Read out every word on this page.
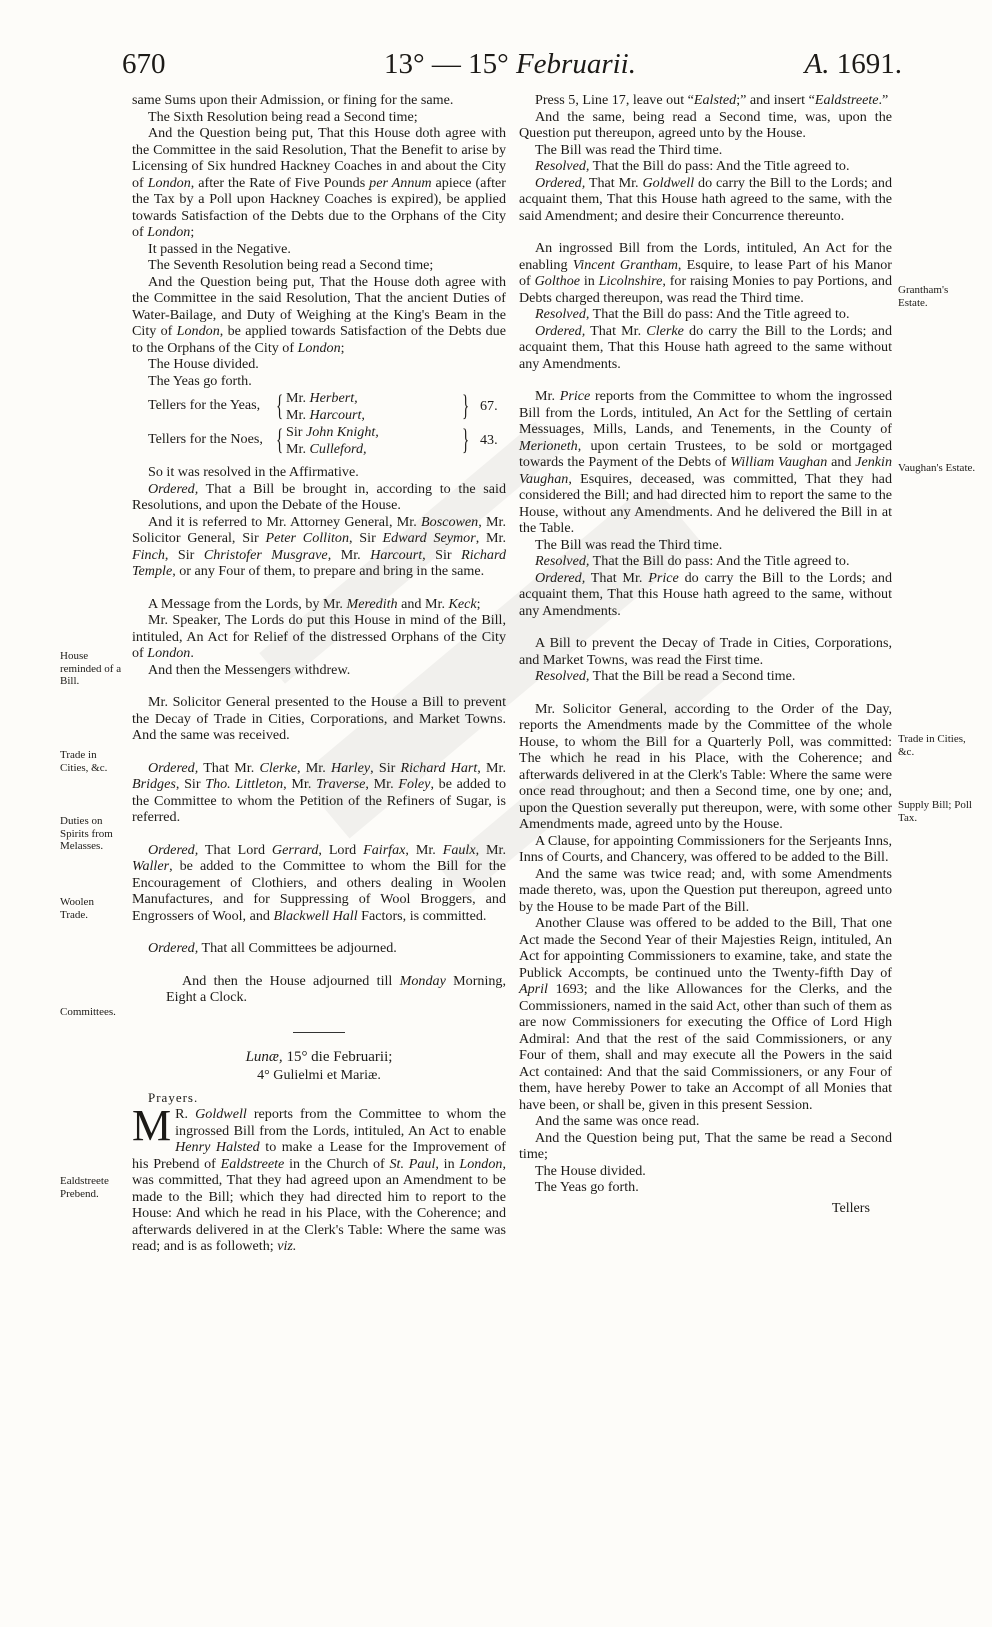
670	13° — 15° Februarii.	A. 1691.

same Sums upon their Admission, or fining for the same.

The Sixth Resolution being read a Second time;

And the Question being put, That this House doth agree with the Committee in the said Resolution, That the Benefit to arise by Licensing of Six hundred Hackney Coaches in and about the City of London, after the Rate of Five Pounds per Annum apiece (after the Tax by a Poll upon Hackney Coaches is expired), be applied towards Satisfaction of the Debts due to the Orphans of the City of London;

It passed in the Negative.

The Seventh Resolution being read a Second time;

And the Question being put, That the House doth agree with the Committee in the said Resolution, That the ancient Duties of Water-Bailage, and Duty of Weighing at the King's Beam in the City of London, be applied towards Satisfaction of the Debts due to the Orphans of the City of London;

The House divided.

The Yeas go forth.

Tellers for the Yeas, { Mr. Herbert,
Mr. Harcourt,	} 67.
Tellers for the Noes, { Sir John Knight,
Mr. Culleford,	} 43.

So it was resolved in the Affirmative.

Ordered, That a Bill be brought in, according to the said Resolutions, and upon the Debate of the House.

And it is referred to Mr. Attorney General, Mr. Boscowen, Mr. Solicitor General, Sir Peter Colliton, Sir Edward Seymor, Mr. Finch, Sir Christofer Musgrave, Mr. Harcourt, Sir Richard Temple, or any Four of them, to prepare and bring in the same.

A Message from the Lords, by Mr. Meredith and Mr. Keck;

Mr. Speaker, The Lords do put this House in mind of the Bill, intituled, An Act for Relief of the distressed Orphans of the City of London.

And then the Messengers withdrew.

Mr. Solicitor General presented to the House a Bill to prevent the Decay of Trade in Cities, Corporations, and Market Towns. And the same was received.

Ordered, That Mr. Clerke, Mr. Harley, Sir Richard Hart, Mr. Bridges, Sir Tho. Littleton, Mr. Traverse, Mr. Foley, be added to the Committee to whom the Petition of the Refiners of Sugar, is referred.

Ordered, That Lord Gerrard, Lord Fairfax, Mr. Faulx, Mr. Waller, be added to the Committee to whom the Bill for the Encouragement of Clothiers, and others dealing in Woolen Manufactures, and for Suppressing of Wool Broggers, and Engrossers of Wool, and Blackwell Hall Factors, is committed.

Ordered, That all Committees be adjourned.

And then the House adjourned till Monday Morning, Eight a Clock.

Lunæ, 15° die Februarii;

4° Gulielmi et Mariæ.

Prayers.

M R. Goldwell reports from the Committee to whom the ingrossed Bill from the Lords, intituled, An Act to enable Henry Halsted to make a Lease for the Improvement of his Prebend of Ealdstreete in the Church of St. Paul, in London, was committed, That they had agreed upon an Amendment to be made to the Bill; which they had directed him to report to the House: And which he read in his Place, with the Coherence; and afterwards delivered in at the Clerk's Table: Where the same was read; and is as followeth; viz.

Press 5, Line 17, leave out “Ealsted;” and insert “Ealdstreete.”

And the same, being read a Second time, was, upon the Question put thereupon, agreed unto by the House.

The Bill was read the Third time.

Resolved, That the Bill do pass: And the Title agreed to.

Ordered, That Mr. Goldwell do carry the Bill to the Lords; and acquaint them, That this House hath agreed to the same, with the said Amendment; and desire their Concurrence thereunto.

An ingrossed Bill from the Lords, intituled, An Act for the enabling Vincent Grantham, Esquire, to lease Part of his Manor of Golthoe in Licolnshire, for raising Monies to pay Portions, and Debts charged thereupon, was read the Third time.

Resolved, That the Bill do pass: And the Title agreed to.

Ordered, That Mr. Clerke do carry the Bill to the Lords; and acquaint them, That this House hath agreed to the same without any Amendments.

Mr. Price reports from the Committee to whom the ingrossed Bill from the Lords, intituled, An Act for the Settling of certain Messuages, Mills, Lands, and Tenements, in the County of Merioneth, upon certain Trustees, to be sold or mortgaged towards the Payment of the Debts of William Vaughan and Jenkin Vaughan, Esquires, deceased, was committed, That they had considered the Bill; and had directed him to report the same to the House, without any Amendments. And he delivered the Bill in at the Table.

The Bill was read the Third time.

Resolved, That the Bill do pass: And the Title agreed to.

Ordered, That Mr. Price do carry the Bill to the Lords; and acquaint them, That this House hath agreed to the same, without any Amendments.

A Bill to prevent the Decay of Trade in Cities, Corporations, and Market Towns, was read the First time.

Resolved, That the Bill be read a Second time.

Mr. Solicitor General, according to the Order of the Day, reports the Amendments made by the Committee of the whole House, to whom the Bill for a Quarterly Poll, was committed: The which he read in his Place, with the Coherence; and afterwards delivered in at the Clerk's Table: Where the same were once read throughout; and then a Second time, one by one; and, upon the Question severally put thereupon, were, with some other Amendments made, agreed unto by the House.

A Clause, for appointing Commissioners for the Serjeants Inns, Inns of Courts, and Chancery, was offered to be added to the Bill.

And the same was twice read; and, with some Amendments made thereto, was, upon the Question put thereupon, agreed unto by the House to be made Part of the Bill.

Another Clause was offered to be added to the Bill, That one Act made the Second Year of their Majesties Reign, intituled, An Act for appointing Commissioners to examine, take, and state the Publick Accompts, be continued unto the Twenty-fifth Day of April 1693; and the like Allowances for the Clerks, and the Commissioners, named in the said Act, other than such of them as are now Commissioners for executing the Office of Lord High Admiral: And that the rest of the said Commissioners, or any Four of them, shall and may execute all the Powers in the said Act contained: And that the said Commissioners, or any Four of them, have hereby Power to take an Accompt of all Monies that have been, or shall be, given in this present Session.

And the same was once read.

And the Question being put, That the same be read a Second time;

The House divided.

The Yeas go forth.

Tellers

House reminded of a Bill.
Trade in Cities, &c.
Duties on Spirits from Melasses.
Woolen Trade.
Committees.
Ealdstreete Prebend.
Grantham's Estate.
Vaughan's Estate.
Trade in Cities, &c.
Supply Bill; Poll Tax.
